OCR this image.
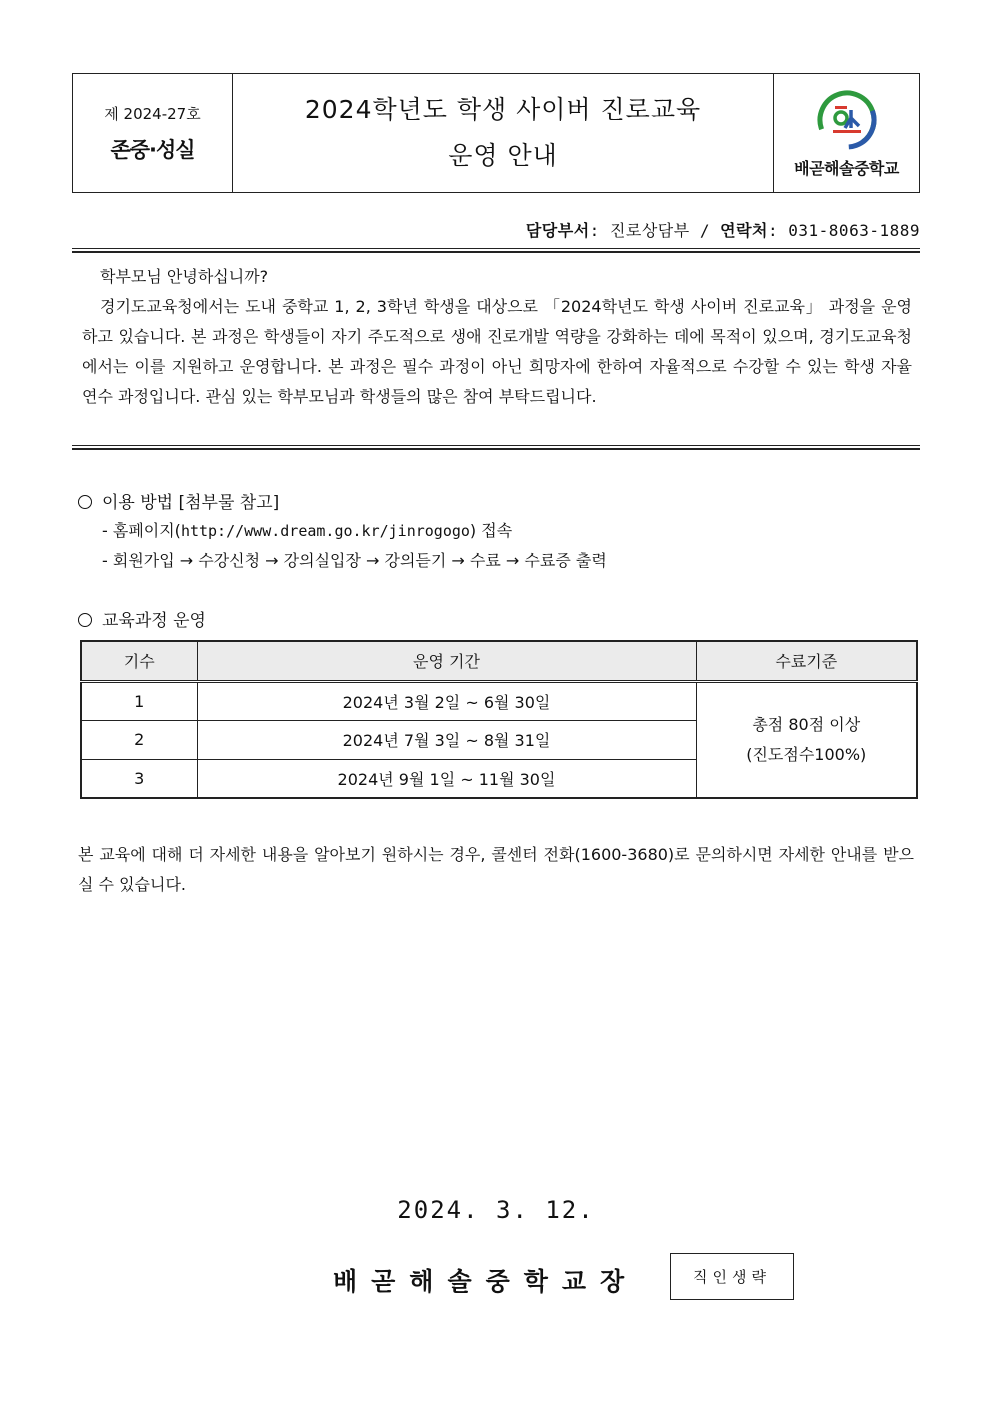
제 2024-27호
존중·성실
2024학년도 학생 사이버 진로교육
운영 안내	배곧해솔중학교
담당부서: 진로상담부 / 연락처: 031-8063-1889

학부모님 안녕하십니까?

경기도교육청에서는 도내 중학교 1, 2, 3학년 학생을 대상으로 「2024학년도 학생 사이버 진로교육」 과정을 운영하고 있습니다. 본 과정은 학생들이 자기 주도적으로 생애 진로개발 역량을 강화하는 데에 목적이 있으며, 경기도교육청에서는 이를 지원하고 운영합니다. 본 과정은 필수 과정이 아닌 희망자에 한하여 자율적으로 수강할 수 있는 학생 자율 연수 과정입니다. 관심 있는 학부모님과 학생들의 많은 참여 부탁드립니다.

이용 방법 [첨부물 참고]
- 홈페이지(http://www.dream.go.kr/jinrogogo) 접속
- 회원가입 → 수강신청 → 강의실입장 → 강의듣기 → 수료 → 수료증 출력
교육과정 운영
기수	운영 기간	수료기준
1	2024년 3월 2일 ~ 6월 30일	총점 80점 이상
(진도점수100%)

2	2024년 7월 3일 ~ 8월 31일	
3	2024년 9월 1일 ~ 11월 30일	
본 교육에 대해 더 자세한 내용을 알아보기 원하시는 경우, 콜센터 전화(1600-3680)로 문의하시면 자세한 안내를 받으실 수 있습니다.
2024. 3. 12.
배곧해솔중학교장	직인생략
